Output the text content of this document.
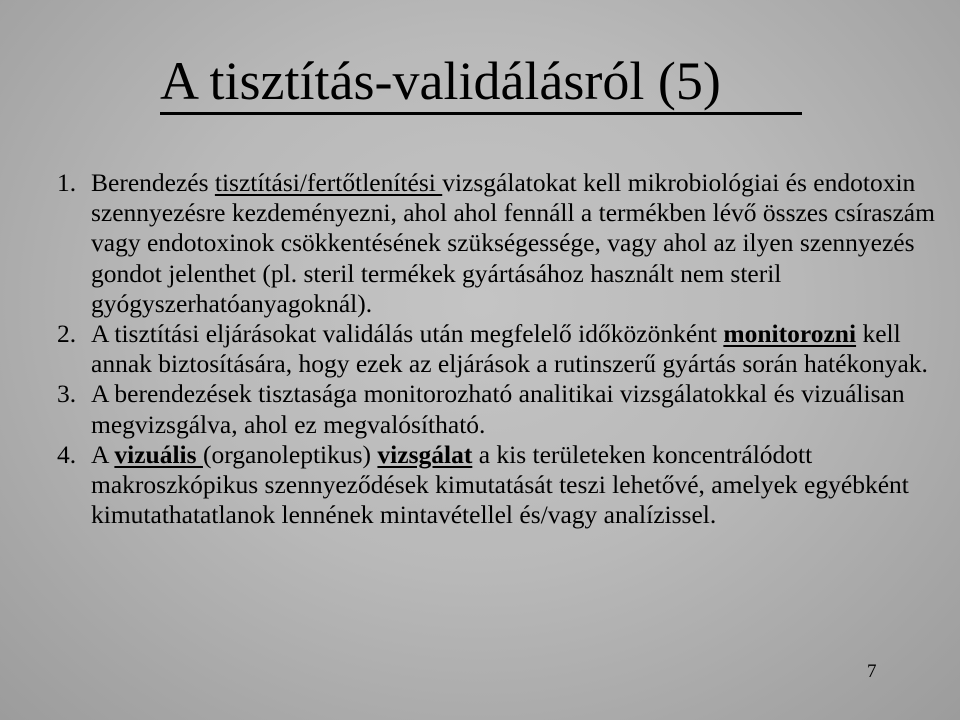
A tisztítás-validálásról (5)
1. Berendezés tisztítási/fertőtlenítési vizsgálatokat kell mikrobiológiai és endotoxin szennyezésre kezdeményezni, ahol ahol fennáll a termékben lévő összes csíraszám vagy endotoxinok csökkentésének szükségessége, vagy ahol az ilyen szennyezés gondot jelenthet (pl. steril termékek gyártásához használt nem steril gyógyszerhatóanyagoknál).
2. A tisztítási eljárásokat validálás után megfelelő időközönként monitorozni kell annak biztosítására, hogy ezek az eljárások a rutinszerű gyártás során hatékonyak.
3. A berendezések tisztasága monitorozható analitikai vizsgálatokkal és vizuálisan megvizsgálva, ahol ez megvalósítható.
4. A vizuális (organoleptikus) vizsgálat a kis területeken koncentrálódott makroszkópikus szennyeződések kimutatását teszi lehetővé, amelyek egyébként kimutathatatlanok lennének mintavétellel és/vagy analízissel.
7
